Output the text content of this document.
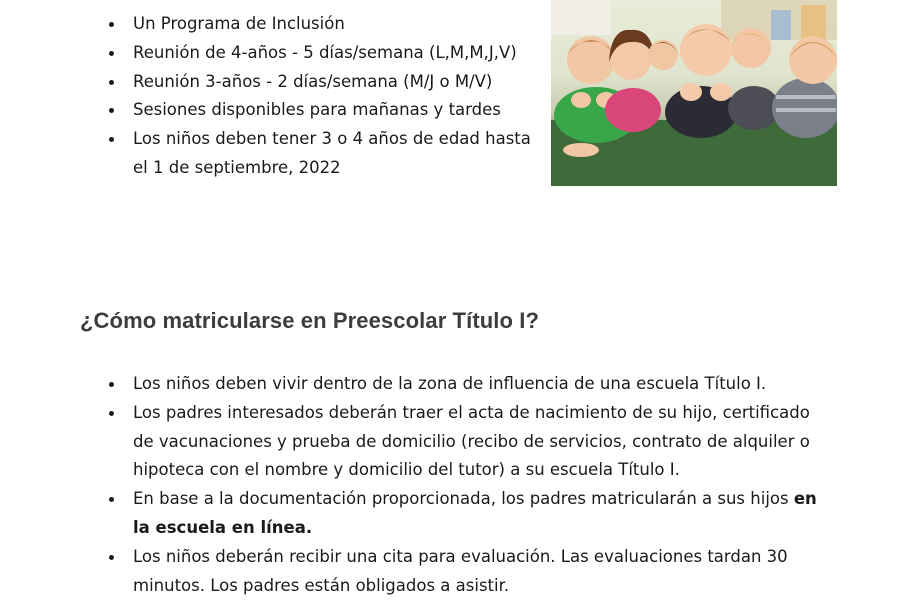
Un Programa de Inclusión
Reunión de 4-años - 5 días/semana (L,M,M,J,V)
Reunión 3-años - 2 días/semana (M/J o M/V)
Sesiones disponibles para mañanas y tardes
Los niños deben tener 3 o 4 años de edad hasta el 1 de septiembre, 2022
¿Cómo matricularse en Preescolar Título I?
Los niños deben vivir dentro de la zona de influencia de una escuela Título I.
Los padres interesados deberán traer el acta de nacimiento de su hijo, certificado de vacunaciones y prueba de domicilio (recibo de servicios, contrato de alquiler o hipoteca con el nombre y domicilio del tutor) a su escuela Título I.
En base a la documentación proporcionada, los padres matricularán a sus hijos en la escuela en línea.
Los niños deberán recibir una cita para evaluación. Las evaluaciones tardan 30 minutos. Los padres están obligados a asistir.
